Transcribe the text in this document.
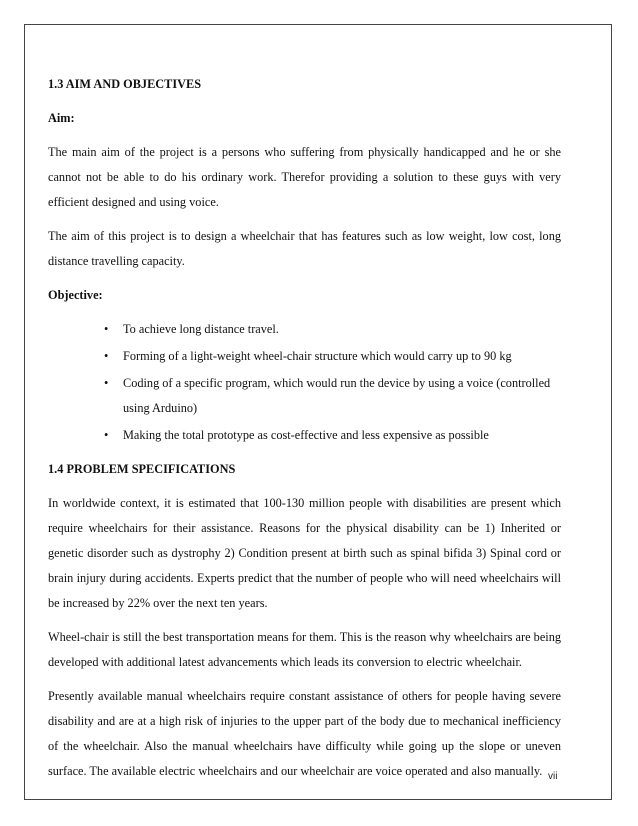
1.3 AIM AND OBJECTIVES

Aim:

The main aim of the project is a persons who suffering from physically handicapped and he or she cannot not be able to do his ordinary work. Therefor providing a solution to these guys with very efficient designed and using voice.

The aim of this project is to design a wheelchair that has features such as low weight, low cost, long distance travelling capacity.

Objective:

• To achieve long distance travel.
• Forming of a light-weight wheel-chair structure which would carry up to 90 kg
• Coding of a specific program, which would run the device by using a voice (controlled using Arduino)
• Making the total prototype as cost-effective and less expensive as possible

1.4 PROBLEM SPECIFICATIONS

In worldwide context, it is estimated that 100-130 million people with disabilities are present which require wheelchairs for their assistance. Reasons for the physical disability can be 1) Inherited or genetic disorder such as dystrophy 2) Condition present at birth such as spinal bifida 3) Spinal cord or brain injury during accidents. Experts predict that the number of people who will need wheelchairs will be increased by 22% over the next ten years.

Wheel-chair is still the best transportation means for them. This is the reason why wheelchairs are being developed with additional latest advancements which leads its conversion to electric wheelchair.

Presently available manual wheelchairs require constant assistance of others for people having severe disability and are at a high risk of injuries to the upper part of the body due to mechanical inefficiency of the wheelchair. Also the manual wheelchairs have difficulty while going up the slope or uneven surface. The available electric wheelchairs and our wheelchair are voice operated and also manually. vii
